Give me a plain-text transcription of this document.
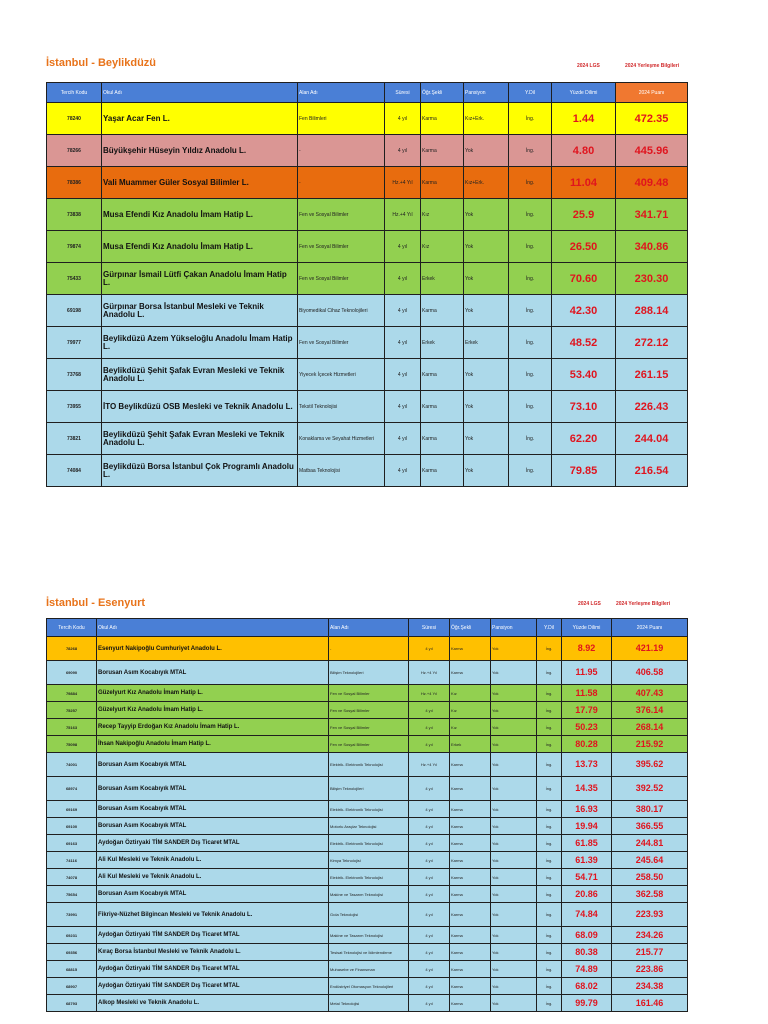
İstanbul - Beylikdüzü	2024 LGS	2024 Yerleşme Bilgileri
Tercih Kodu	Okul Adı	Alan Adı	Süresi	Öğr.Şekli	Pansiyon	Y.Dil	Yüzde Dilimi	2024 Puanı
78240	Yaşar Acar Fen L.	Fen Bilimleri	4 yıl	Karma	Kız+Erk.	İng.	1.44	472.35
78266	Büyükşehir Hüseyin Yıldız Anadolu L.	-	4 yıl	Karma	Yok	İng.	4.80	445.96
78386	Vali Muammer Güler Sosyal Bilimler L.	-	Hz.+4 Yıl	Karma	Kız+Erk.	İng.	11.04	409.48
73838	Musa Efendi Kız Anadolu İmam Hatip L.	Fen ve Sosyal Bilimler	Hz.+4 Yıl	Kız	Yok	İng.	25.9	341.71
79874	Musa Efendi Kız Anadolu İmam Hatip L.	Fen ve Sosyal Bilimler	4 yıl	Kız	Yok	İng.	26.50	340.86
75433	Gürpınar İsmail Lütfi Çakan Anadolu İmam Hatip L.	Fen ve Sosyal Bilimler	4 yıl	Erkek	Yok	İng.	70.60	230.30
69198	Gürpınar Borsa İstanbul Mesleki ve Teknik Anadolu L.	Biyomedikal Cihaz Teknolojileri	4 yıl	Karma	Yok	İng.	42.30	288.14
79977	Beylikdüzü Azem Yükseloğlu Anadolu İmam Hatip L.	Fen ve Sosyal Bilimler	4 yıl	Erkek	Erkek	İng.	48.52	272.12
73768	Beylikdüzü Şehit Şafak Evran Mesleki ve Teknik Anadolu L.	Yiyecek İçecek Hizmetleri	4 yıl	Karma	Yok	İng.	53.40	261.15
73955	İTO Beylikdüzü OSB Mesleki ve Teknik Anadolu L.	Tekstil Teknolojisi	4 yıl	Karma	Yok	İng.	73.10	226.43
73821	Beylikdüzü Şehit Şafak Evran Mesleki ve Teknik Anadolu L.	Konaklama ve Seyahat Hizmetleri	4 yıl	Karma	Yok	İng.	62.20	244.04
74084	Beylikdüzü Borsa İstanbul Çok Programlı Anadolu L.	Matbaa Teknolojisi	4 yıl	Karma	Yok	İng.	79.85	216.54
İstanbul - Esenyurt	2024 LGS	2024 Yerleşme Bilgileri
Tercih Kodu	Okul Adı	Alan Adı	Süresi	Öğr.Şekli	Pansiyon	Y.Dil	Yüzde Dilimi	2024 Puanı
78268	Esenyurt Nakipoğlu Cumhuriyet Anadolu L.	-	4 yıl	Karma	Yok	İng.	8.92	421.19
69090	Borusan Asım Kocabıyık MTAL	Bilişim Teknolojileri	Hz.+4 Yıl	Karma	Yok	İng.	11.95	406.58
79884	Güzelyurt Kız Anadolu İmam Hatip L.	Fen ve Sosyal Bilimler	Hz.+4 Yıl	Kız	Yok	İng.	11.58	407.43
75257	Güzelyurt Kız Anadolu İmam Hatip L.	Fen ve Sosyal Bilimler	4 yıl	Kız	Yok	İng.	17.79	376.14
75163	Recep Tayyip Erdoğan Kız Anadolu İmam Hatip L.	Fen ve Sosyal Bilimler	4 yıl	Kız	Yok	İng.	50.23	268.14
75098	İhsan Nakipoğlu Anadolu İmam Hatip L.	Fen ve Sosyal Bilimler	4 yıl	Erkek	Yok	İng.	80.28	215.92
74001	Borusan Asım Kocabıyık MTAL	Elektrik- Elektronik Teknolojisi	Hz.+4 Yıl	Karma	Yok	İng.	13.73	395.62
68974	Borusan Asım Kocabıyık MTAL	Bilişim Teknolojileri	4 yıl	Karma	Yok	İng.	14.35	392.52
69169	Borusan Asım Kocabıyık MTAL	Elektrik- Elektronik Teknolojisi	4 yıl	Karma	Yok	İng.	16.93	380.17
69100	Borusan Asım Kocabıyık MTAL	Motorlu Araçlar Teknolojisi	4 yıl	Karma	Yok	İng.	19.94	366.55
69163	Aydoğan Öztiryaki TİM SANDER Dış Ticaret MTAL	Elektrik- Elektronik Teknolojisi	4 yıl	Karma	Yok	İng.	61.85	244.81
74116	Ali Kul Mesleki ve Teknik Anadolu L.	Kimya Teknolojisi	4 yıl	Karma	Yok	İng.	61.39	245.64
74078	Ali Kul Mesleki ve Teknik Anadolu L.	Elektrik- Elektronik Teknolojisi	4 yıl	Karma	Yok	İng.	54.71	258.50
75654	Borusan Asım Kocabıyık MTAL	Makine ve Tasarım Teknolojisi	4 yıl	Karma	Yok	İng.	20.86	362.58
73991	Fikriye-Nüzhet Bilgincan Mesleki ve Teknik Anadolu L.	Gıda Teknolojisi	4 yıl	Karma	Yok	İng.	74.84	223.93
69231	Aydoğan Öztiryaki TİM SANDER Dış Ticaret MTAL	Makine ve Tasarım Teknolojisi	4 yıl	Karma	Yok	İng.	68.09	234.26
69356	Kıraç Borsa İstanbul Mesleki ve Teknik Anadolu L.	Tesisat Teknolojisi ve İklimlendirme	4 yıl	Karma	Yok	İng.	80.38	215.77
68815	Aydoğan Öztiryaki TİM SANDER Dış Ticaret MTAL	Muhasebe ve Finansman	4 yıl	Karma	Yok	İng.	74.89	223.86
68907	Aydoğan Öztiryaki TİM SANDER Dış Ticaret MTAL	Endüstriyel Otomasyon Teknolojileri	4 yıl	Karma	Yok	İng.	68.02	234.38
68793	Alkop Mesleki ve Teknik Anadolu L.	Metal Teknolojisi	4 yıl	Karma	Yok	İng.	99.79	161.46
